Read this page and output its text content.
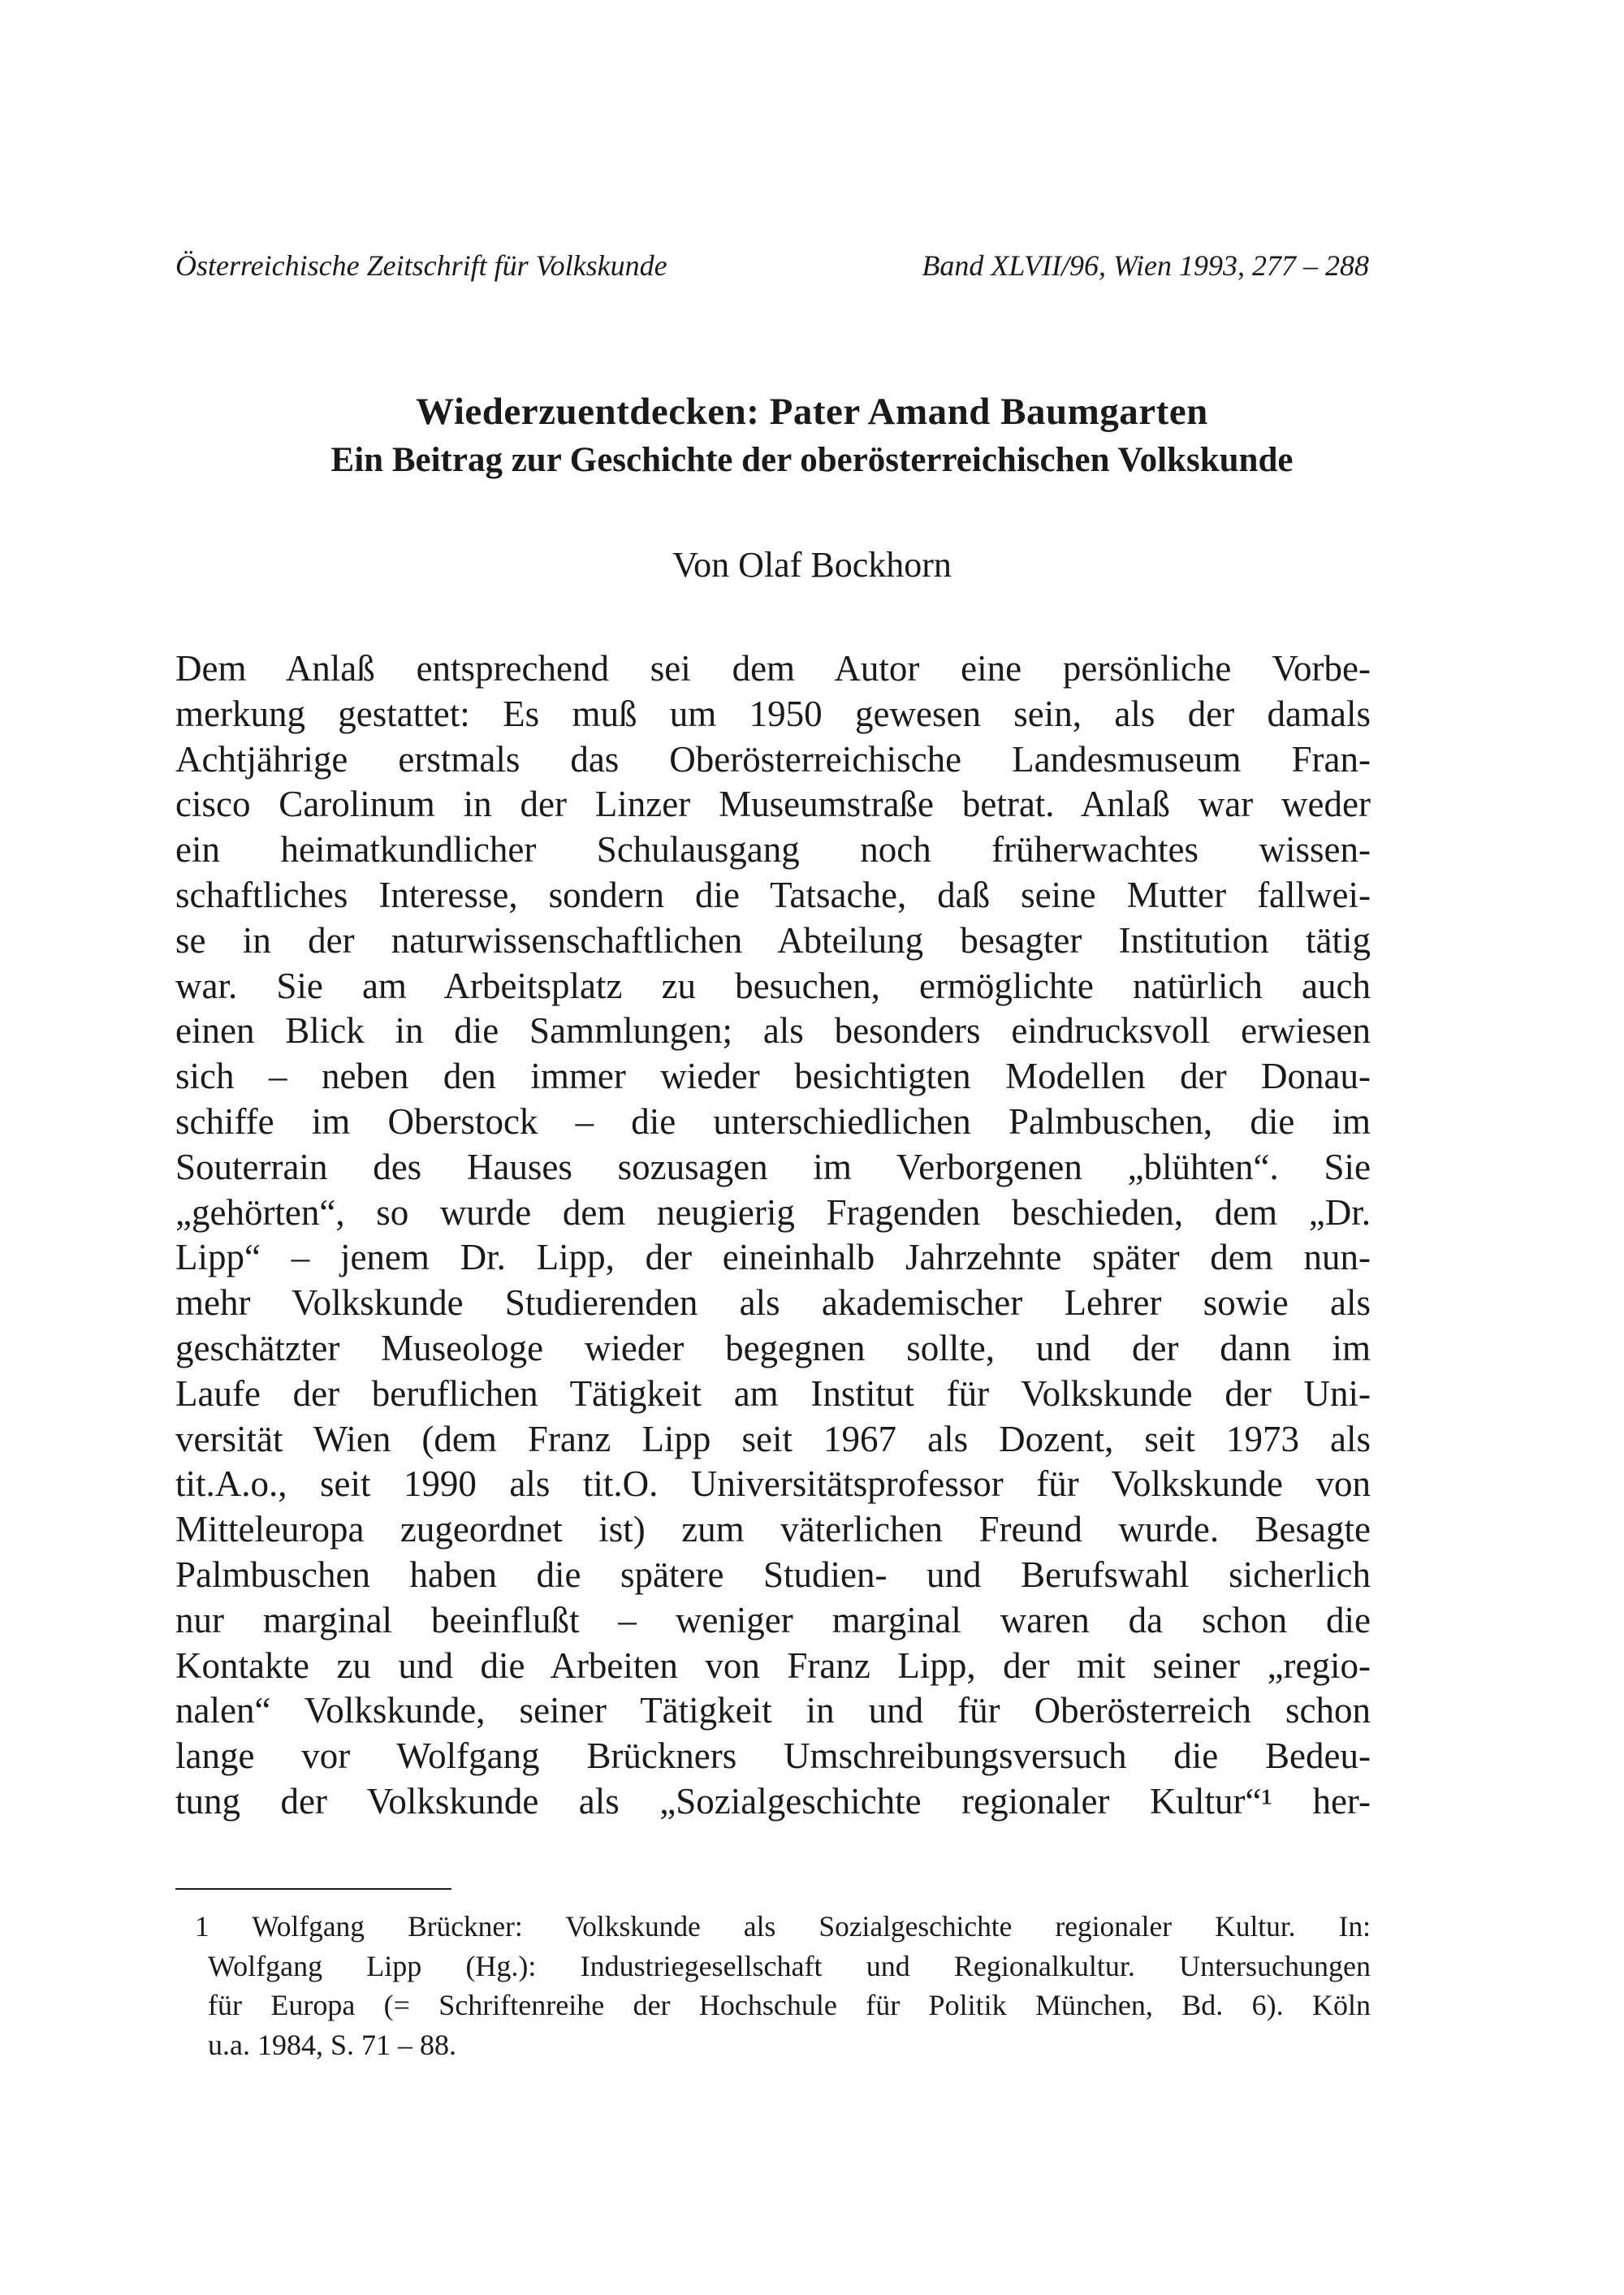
Österreichische Zeitschrift für Volkskunde	Band XLVII/96, Wien 1993, 277 – 288
Wiederzuentdecken: Pater Amand Baumgarten
Ein Beitrag zur Geschichte der oberösterreichischen Volkskunde
Von Olaf Bockhorn
Dem Anlaß entsprechend sei dem Autor eine persönliche Vorbe-
merkung gestattet: Es muß um 1950 gewesen sein, als der damals
Achtjährige erstmals das Oberösterreichische Landesmuseum Fran-
cisco Carolinum in der Linzer Museumstraße betrat. Anlaß war weder
ein heimatkundlicher Schulausgang noch früherwachtes wissen-
schaftliches Interesse, sondern die Tatsache, daß seine Mutter fallwei-
se in der naturwissenschaftlichen Abteilung besagter Institution tätig
war. Sie am Arbeitsplatz zu besuchen, ermöglichte natürlich auch
einen Blick in die Sammlungen; als besonders eindrucksvoll erwiesen
sich – neben den immer wieder besichtigten Modellen der Donau-
schiffe im Oberstock – die unterschiedlichen Palmbuschen, die im
Souterrain des Hauses sozusagen im Verborgenen „blühten“. Sie
„gehörten“, so wurde dem neugierig Fragenden beschieden, dem „Dr.
Lipp“ – jenem Dr. Lipp, der eineinhalb Jahrzehnte später dem nun-
mehr Volkskunde Studierenden als akademischer Lehrer sowie als
geschätzter Museologe wieder begegnen sollte, und der dann im
Laufe der beruflichen Tätigkeit am Institut für Volkskunde der Uni-
versität Wien (dem Franz Lipp seit 1967 als Dozent, seit 1973 als
tit.A.o., seit 1990 als tit.O. Universitätsprofessor für Volkskunde von
Mitteleuropa zugeordnet ist) zum väterlichen Freund wurde. Besagte
Palmbuschen haben die spätere Studien- und Berufswahl sicherlich
nur marginal beeinflußt – weniger marginal waren da schon die
Kontakte zu und die Arbeiten von Franz Lipp, der mit seiner „regio-
nalen“ Volkskunde, seiner Tätigkeit in und für Oberösterreich schon
lange vor Wolfgang Brückners Umschreibungsversuch die Bedeu-
tung der Volkskunde als „Sozialgeschichte regionaler Kultur“¹ her-
1 Wolfgang Brückner: Volkskunde als Sozialgeschichte regionaler Kultur. In:
Wolfgang Lipp (Hg.): Industriegesellschaft und Regionalkultur. Untersuchungen
für Europa (= Schriftenreihe der Hochschule für Politik München, Bd. 6). Köln
u.a. 1984, S. 71 – 88.
